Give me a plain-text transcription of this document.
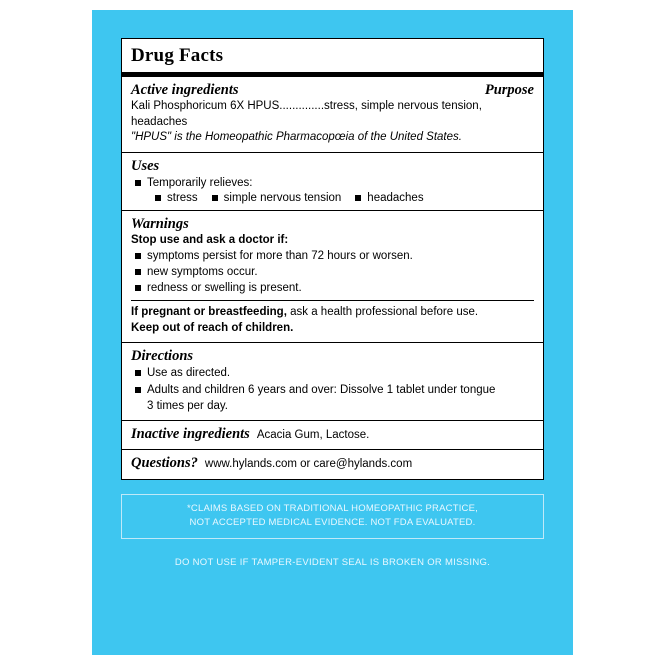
Drug Facts
Active ingredients	Purpose
Kali Phosphoricum 6X HPUS..............stress, simple nervous tension, headaches
"HPUS" is the Homeopathic Pharmacopœia of the United States.
Uses
Temporarily relieves:
stress simple nervous tension headaches
Warnings
Stop use and ask a doctor if:
symptoms persist for more than 72 hours or worsen.
new symptoms occur.
redness or swelling is present.
If pregnant or breastfeeding, ask a health professional before use.
Keep out of reach of children.
Directions
Use as directed.
Adults and children 6 years and over: Dissolve 1 tablet under tongue
3 times per day.
Inactive ingredients Acacia Gum, Lactose.
Questions? www.hylands.com or care@hylands.com
*CLAIMS BASED ON TRADITIONAL HOMEOPATHIC PRACTICE,
NOT ACCEPTED MEDICAL EVIDENCE. NOT FDA EVALUATED.
DO NOT USE IF TAMPER-EVIDENT SEAL IS BROKEN OR MISSING.
